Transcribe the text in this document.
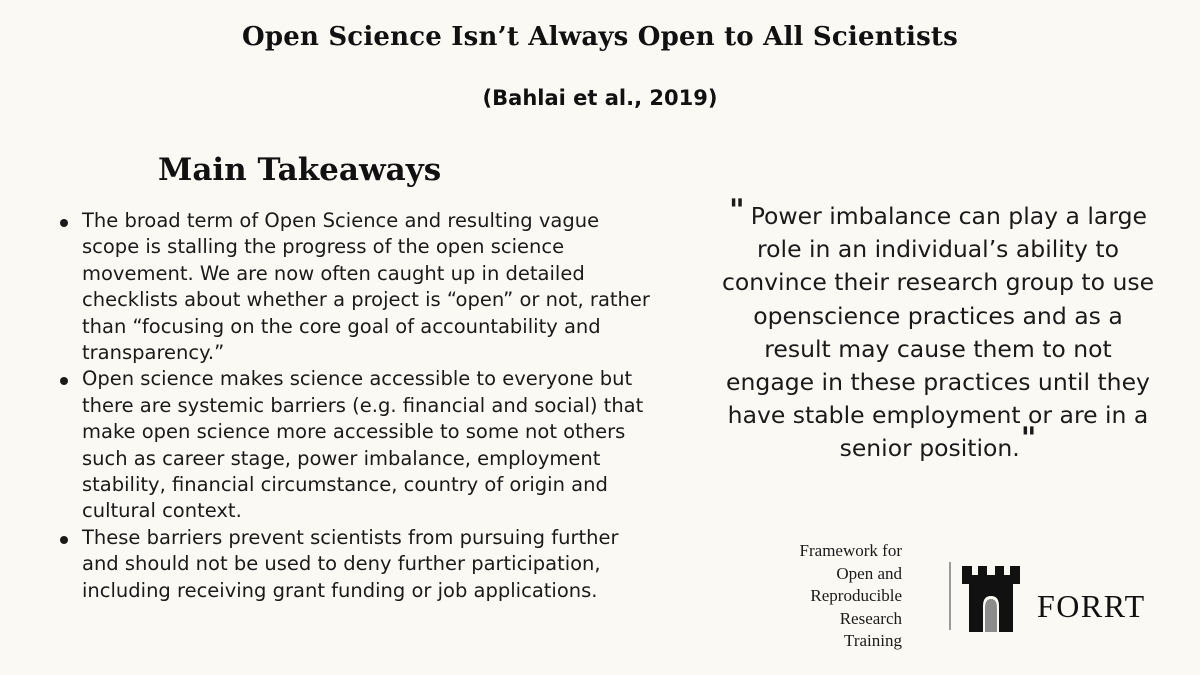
Open Science Isn’t Always Open to All Scientists
(Bahlai et al., 2019)
Main Takeaways
The broad term of Open Science and resulting vague scope is stalling the progress of the open science movement. We are now often caught up in detailed checklists about whether a project is “open” or not, rather than “focusing on the core goal of accountability and transparency.”
Open science makes science accessible to everyone but there are systemic barriers (e.g. financial and social) that make open science more accessible to some not others such as career stage, power imbalance, employment stability, financial circumstance, country of origin and cultural context.
These barriers prevent scientists from pursuing further and should not be used to deny further participation, including receiving grant funding or job applications.
" Power imbalance can play a large role in an individual’s ability to convince their research group to use openscience practices and as a result may cause them to not engage in these practices until they have stable employment or are in a senior position."
Framework for
Open and
Reproducible
Research
Training
FORRT
